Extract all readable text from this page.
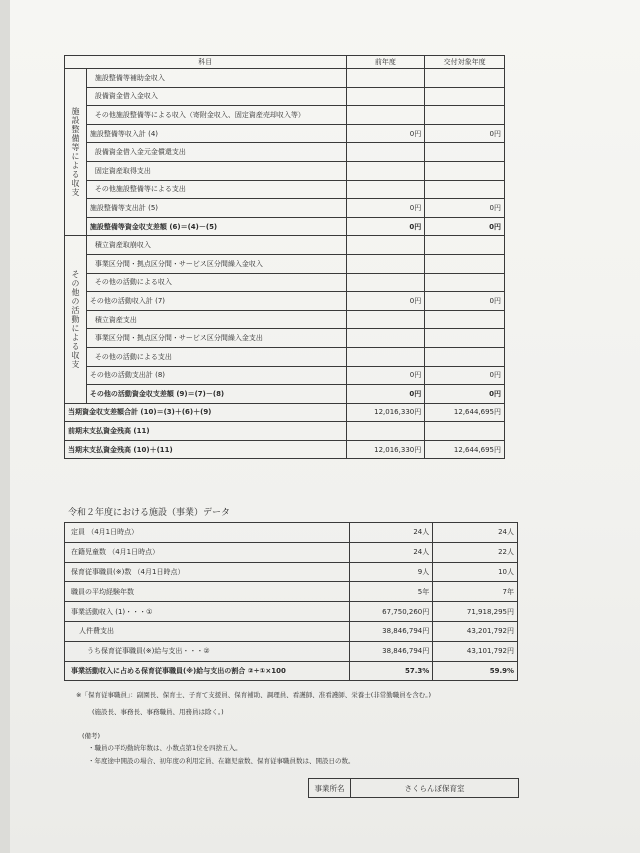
科目		前年度	交付対象年度
施設整備等による収支	施設整備等補助金収入		
	設備資金借入金収入		
	その他施設整備等による収入（寄附金収入、固定資産売却収入等）		
	施設整備等収入計 (4)	0円	0円
	設備資金借入金元金償還支出		
	固定資産取得支出		
	その他施設整備等による支出		
	施設整備等支出計 (5)	0円	0円
	施設整備等資金収支差額 (6)＝(4)－(5)	0円	0円
その他の活動による収支	積立資産取崩収入		
	事業区分間・拠点区分間・サービス区分間繰入金収入		
	その他の活動による収入		
	その他の活動収入計 (7)	0円	0円
	積立資産支出		
	事業区分間・拠点区分間・サービス区分間繰入金支出		
	その他の活動による支出		
	その他の活動支出計 (8)	0円	0円
	その他の活動資金収支差額 (9)＝(7)－(8)	0円	0円
当期資金収支差額合計 (10)＝(3)＋(6)＋(9)		12,016,330円	12,644,695円
前期末支払資金残高 (11)			
当期末支払資金残高 (10)＋(11)		12,016,330円	12,644,695円
令和２年度における施設（事業）データ
定員 （4月1日時点）	24人	24人
在籍児童数 （4月1日時点）	24人	22人
保育従事職員(※)数 （4月1日時点）	9人	10人
職員の平均経験年数	5年	7年
事業活動収入 (1)・・・①	67,750,260円	71,918,295円
人件費支出	38,846,794円	43,201,792円
うち保育従事職員(※)給与支出・・・②	38,846,794円	43,101,792円
事業活動収入に占める保育従事職員(※)給与支出の割合 ②÷①×100	57.3%	59.9%
※「保育従事職員」：副園長、保育士、子育て支援員、保育補助、調理員、看護師、准看護師、栄養士(非常勤職員を含む。)
(施設長、事務長、事務職員、用務員は除く。)
(備考)
・職員の平均勤続年数は、小数点第1位を四捨五入。
・年度途中開設の場合、初年度の利用定員、在籍児童数、保育従事職員数は、開設日の数。
事業所名	さくらんぼ保育室
